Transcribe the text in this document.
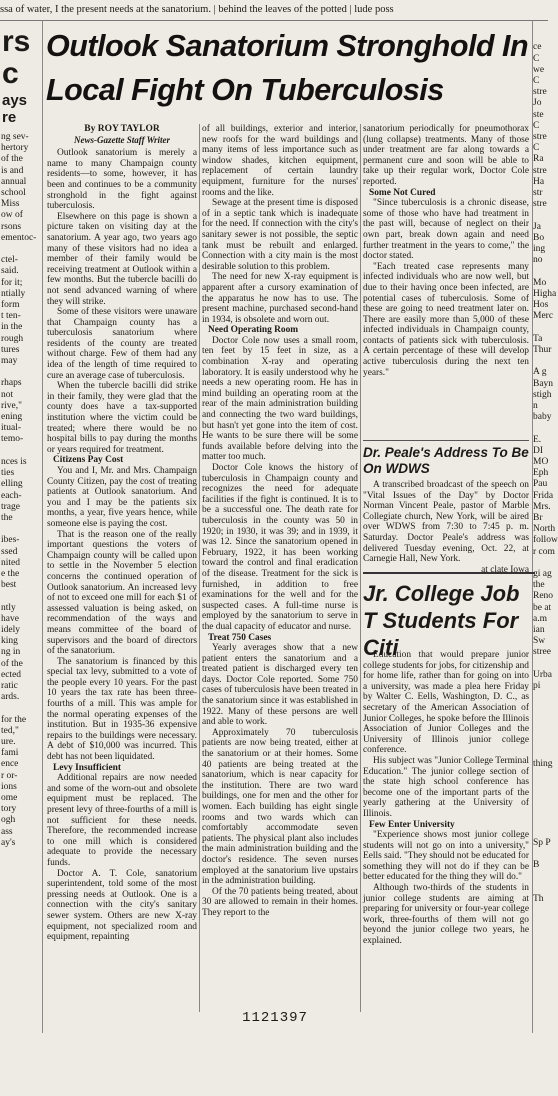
ssa of water, I the present needs at the sanatorium. | behind the leaves of the potted | lude poss
rs
c
ays
re

ng sev-

hertory

of the

is and

annual

school

Miss

ow of

rsons

ementoc-

ctel-

said.

for it;

ntially

form

t ten-

in the

rough

tures

may

rhaps

not

rive,"

ening

itual-

temo-

nces is

ties

elling

each-

trage

the

ibes-

ssed

nited

e the

best

ntly

have

idely

king

ng in

of the

ected

ratic

ards.

for the

ted,"

ure.

fami

ence

r or-

ions

ome

tory

ogh

ass

ay's

ce
C
we
C
stre
Jo
ste
C
stre
C
Ra
stre
Ha
str
stre

Ja
Bo
ing
no

Mo
Higha
Hos
Merc

Ta
Thur

A g
Bayn
stigh
n
baby

E.
DI
MO
Eph
Pau
Frida
Mrs.
Br
North
follow
r com

gi ag
the
Reno
be at
a.m
ian
Sw
stree

Urba
pi

thing

Sp P

B

Th

Outlook Sanatorium Stronghold In Local Fight On Tuberculosis

By ROY TAYLOR

News-Gazette Staff Writer

Outlook sanatorium is merely a name to many Champaign county residents—to some, however, it has been and continues to be a community stronghold in the fight against tuberculosis.

Elsewhere on this page is shown a picture taken on visiting day at the sanatorium. A year ago, two years ago many of these visitors had no idea a member of their family would be receiving treatment at Outlook within a few months. But the tubercle bacilli do not send advanced warning of where they will strike.

Some of these visitors were unaware that Champaign county has a tuberculosis sanatorium where residents of the county are treated without charge. Few of them had any idea of the length of time required to cure an average case of tuberculosis.

When the tubercle bacilli did strike in their family, they were glad that the county does have a tax-supported institution where the victim could be treated; where there would be no hospital bills to pay during the months or years required for treatment.

Citizens Pay Cost

You and I, Mr. and Mrs. Champaign County Citizen, pay the cost of treating patients at Outlook sanatorium. And you and I may be the patients six months, a year, five years hence, while someone else is paying the cost.

That is the reason one of the really important questions the voters of Champaign county will be called upon to settle in the November 5 election concerns the continued operation of Outlook sanatorium. An increased levy of not to exceed one mill for each $1 of assessed valuation is being asked, on recommendation of the ways and means committee of the board of supervisors and the board of directors of the sanatorium.

The sanatorium is financed by this special tax levy, submitted to a vote of the people every 10 years. For the past 10 years the tax rate has been three-fourths of a mill. This was ample for the normal operating expenses of the institution. But in 1935-36 expensive repairs to the buildings were necessary. A debt of $10,000 was incurred. This debt has not been liquidated.

Levy Insufficient

Additional repairs are now needed and some of the worn-out and obsolete equipment must be replaced. The present levy of three-fourths of a mill is not sufficient for these needs. Therefore, the recommended increase to one mill which is considered adequate to provide the necessary funds.

Doctor A. T. Cole, sanatorium superintendent, told some of the most pressing needs at Outlook. One is a connection with the city's sanitary sewer system. Others are new X-ray equipment, not specialized room and equipment, repainting

of all buildings, exterior and interior, new roofs for the ward buildings and many items of less importance such as window shades, kitchen equipment, replacement of certain laundry equipment, furniture for the nurses' rooms and the like.

Sewage at the present time is disposed of in a septic tank which is inadequate for the need. If connection with the city's sanitary sewer is not possible, the septic tank must be rebuilt and enlarged. Connection with a city main is the most desirable solution to this problem.

The need for new X-ray equipment is apparent after a cursory examination of the apparatus he now has to use. The present machine, purchased second-hand in 1934, is obsolete and worn out.

Need Operating Room

Doctor Cole now uses a small room, ten feet by 15 feet in size, as a combination X-ray and operating laboratory. It is easily understood why he needs a new operating room. He has in mind building an operating room at the rear of the main administration building and connecting the two ward buildings, but hasn't yet gone into the item of cost. He wants to be sure there will be some funds available before delving into the matter too much.

Doctor Cole knows the history of tuberculosis in Champaign county and recognizes the need for adequate facilities if the fight is continued. It is to be a successful one. The death rate for tuberculosis in the county was 50 in 1920; in 1930, it was 39; and in 1939, it was 12. Since the sanatorium opened in February, 1922, it has been working toward the control and final eradication of the disease. Treatment for the sick is furnished, in addition to free examinations for the well and for the suspected cases. A full-time nurse is employed by the sanatorium to serve in the dual capacity of educator and nurse.

Treat 750 Cases

Yearly averages show that a new patient enters the sanatorium and a treated patient is discharged every ten days. Doctor Cole reported. Some 750 cases of tuberculosis have been treated in the sanatorium since it was established in 1922. Many of these persons are well and able to work.

Approximately 70 tuberculosis patients are now being treated, either at the sanatorium or at their homes. Some 40 patients are being treated at the sanatorium, which is near capacity for the institution. There are two ward buildings, one for men and the other for women. Each building has eight single rooms and two wards which can comfortably accommodate seven patients. The physical plant also includes the main administration building and the doctor's residence. The seven nurses employed at the sanatorium live upstairs in the administration building.

Of the 70 patients being treated, about 30 are allowed to remain in their homes. They report to the

sanatorium periodically for pneumothorax (lung collapse) treatments. Many of those under treatment are far along towards a permanent cure and soon will be able to take up their regular work, Doctor Cole reported.

Some Not Cured

"Since tuberculosis is a chronic disease, some of those who have had treatment in the past will, because of neglect on their own part, break down again and need further treatment in the years to come," the doctor stated.

"Each treated case represents many infected individuals who are now well, but due to their having once been infected, are potential cases of tuberculosis. Some of these are going to need treatment later on. There are easily more than 5,000 of these infected individuals in Champaign county, contacts of patients sick with tuberculosis. A certain percentage of these will develop active tuberculosis during the next ten years."

Dr. Peale's Address To Be On WDWS

A transcribed broadcast of the speech on "Vital Issues of the Day" by Doctor Norman Vincent Peale, pastor of Marble Collegiate church, New York, will be aired over WDWS from 7:30 to 7:45 p. m. Saturday. Doctor Peale's address was delivered Tuesday evening, Oct. 22, at Carnegie Hall, New York.

at clate Iowa

Jr. College Job T Students For Citi

Education that would prepare junior college students for jobs, for citizenship and for home life, rather than for going on into a university, was made a plea here Friday by Walter C. Eells, Washington, D. C., as secretary of the American Association of Junior Colleges, he spoke before the Illinois Association of Junior Colleges and the University of Illinois junior college conference.

His subject was "Junior College Terminal Education." The junior college section of the state high school conference has become one of the important parts of the yearly gathering at the University of Illinois.

Few Enter University

"Experience shows most junior college students will not go on into a university," Eells said. "They should not be educated for something they will not do if they can be better educated for the thing they will do."

Although two-thirds of the students in junior college students are aiming at preparing for university or four-year college work, three-fourths of them will not go beyond the junior college two years, he explained.

1121397
